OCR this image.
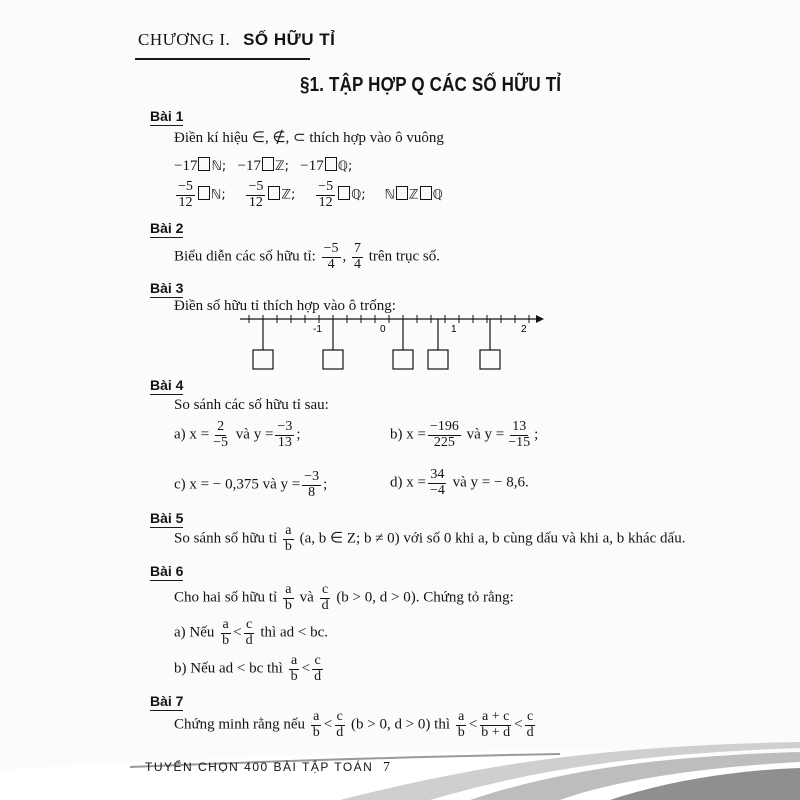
CHƯƠNG I. SỐ HỮU TỈ
§1. TẬP HỢP Q CÁC SỐ HỮU TỈ
Bài 1
Điền kí hiệu ∈, ∉, ⊂ thích hợp vào ô vuông
−17 ℕ; −17 ℤ; −17 ℚ;
$\frac{-5}{12}$ ℕ; $\frac{-5}{12}$ ℤ; $\frac{-5}{12}$ ℚ; ℕ ℤ ℚ
Bài 2
Biểu diễn các số hữu tỉ: $\frac{-5}{4}$ , $\frac{7}{4}$ trên trục số.
Bài 3
Điền số hữu tỉ thích hợp vào ô trống:
-1	0	1	2
Bài 4
So sánh các số hữu tỉ sau:
a) $x = \frac{2}{-5}$ và $y = \frac{-3}{13}$ ;	b) $x = \frac{-196}{225}$ và $y = \frac{13}{-15}$ ;
c) x = − 0,375 và $y = \frac{-3}{8}$ ;	d) $x = \frac{34}{-4}$ và y = − 8,6.
Bài 5
So sánh số hữu tỉ $\frac{a}{b} (a$, b ∈ Z; b ≠ 0) với số 0 khi a, b cùng dấu và khi a, b khác dấu.
Bài 6
Cho hai số hữu tỉ $\frac{a}{b}$ và $\frac{c}{d} (b > 0$, d > 0). Chứng tỏ rằng:
a) Nếu $\frac{a}{b} < \frac{c}{d}$ thì ad < bc.
b) Nếu ad < bc thì $\frac{a}{b} < \frac{c}{d}$
Bài 7
Chứng minh rằng nếu $\frac{a}{b} < \frac{c}{d} (b > 0$, d > 0) thì $\frac{a}{b} < \frac{a + c}{b + d} < \frac{c}{d}$
TUYỂN CHỌN 400 BÀI TẬP TOÁN 7
